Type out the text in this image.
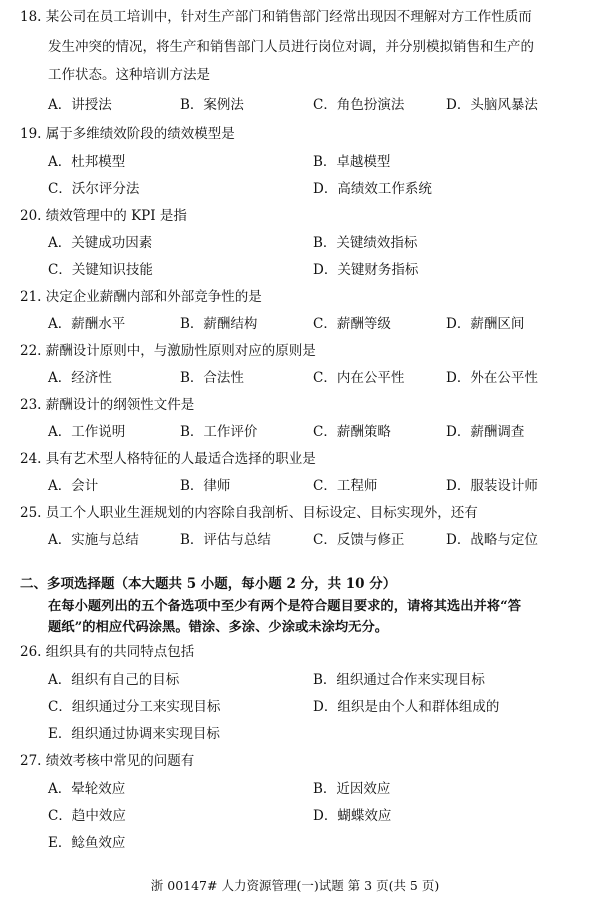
18. 某公司在员工培训中，针对生产部门和销售部门经常出现因不理解对方工作性质而
发生冲突的情况，将生产和销售部门人员进行岗位对调，并分别模拟销售和生产的
工作状态。这种培训方法是
A．讲授法	B．案例法	C．角色扮演法	D．头脑风暴法
19. 属于多维绩效阶段的绩效模型是
A．杜邦模型	B．卓越模型
C．沃尔评分法	D．高绩效工作系统
20. 绩效管理中的 KPI 是指
A．关键成功因素	B．关键绩效指标
C．关键知识技能	D．关键财务指标
21. 决定企业薪酬内部和外部竞争性的是
A．薪酬水平	B．薪酬结构	C．薪酬等级	D．薪酬区间
22. 薪酬设计原则中，与激励性原则对应的原则是
A．经济性	B．合法性	C．内在公平性	D．外在公平性
23. 薪酬设计的纲领性文件是
A．工作说明	B．工作评价	C．薪酬策略	D．薪酬调查
24. 具有艺术型人格特征的人最适合选择的职业是
A．会计	B．律师	C．工程师	D．服装设计师
25. 员工个人职业生涯规划的内容除自我剖析、目标设定、目标实现外，还有
A．实施与总结	B．评估与总结	C．反馈与修正	D．战略与定位
二、多项选择题（本大题共 5 小题，每小题 2 分，共 10 分）
在每小题列出的五个备选项中至少有两个是符合题目要求的，请将其选出并将“答
题纸”的相应代码涂黑。错涂、多涂、少涂或未涂均无分。
26. 组织具有的共同特点包括
A．组织有自己的目标	B．组织通过合作来实现目标
C．组织通过分工来实现目标	D．组织是由个人和群体组成的
E．组织通过协调来实现目标
27. 绩效考核中常见的问题有
A．晕轮效应	B．近因效应
C．趋中效应	D．蝴蝶效应
E．鲶鱼效应
浙 00147# 人力资源管理(一)试题 第 3 页(共 5 页)
